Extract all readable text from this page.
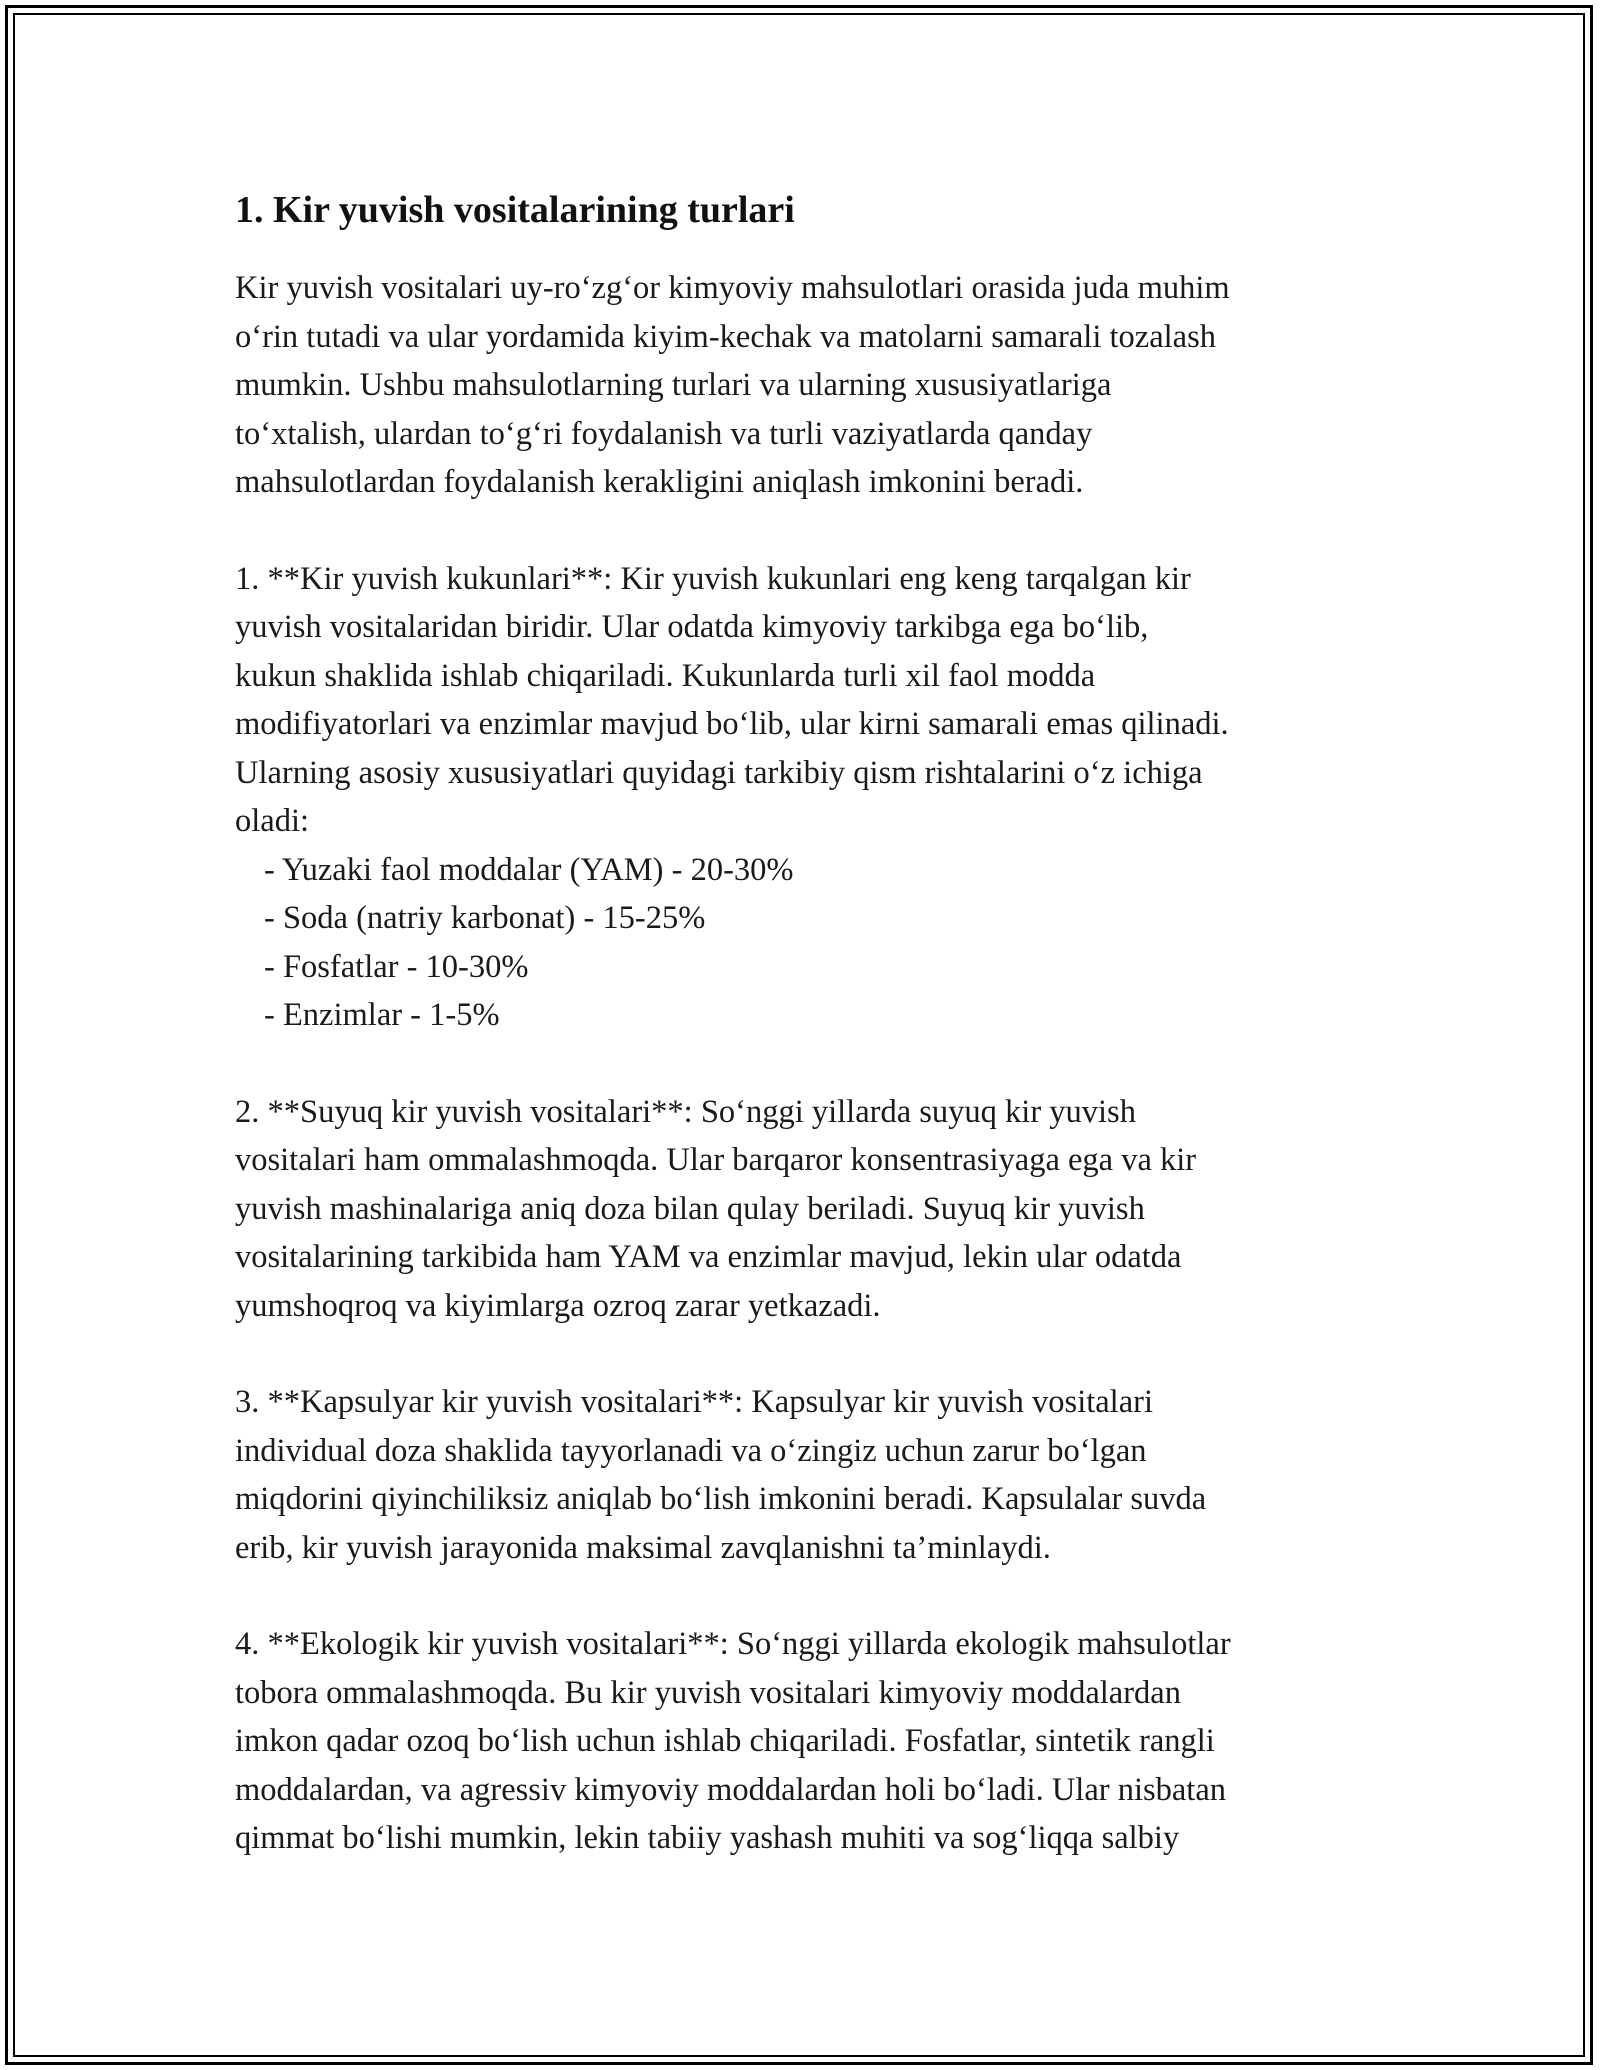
1. Kir yuvish vositalarining turlari

Kir yuvish vositalari uy-ro‘zg‘or kimyoviy mahsulotlari orasida juda muhim
o‘rin tutadi va ular yordamida kiyim-kechak va matolarni samarali tozalash
mumkin. Ushbu mahsulotlarning turlari va ularning xususiyatlariga
to‘xtalish, ulardan to‘g‘ri foydalanish va turli vaziyatlarda qanday
mahsulotlardan foydalanish kerakligini aniqlash imkonini beradi.

1. **Kir yuvish kukunlari**: Kir yuvish kukunlari eng keng tarqalgan kir
yuvish vositalaridan biridir. Ular odatda kimyoviy tarkibga ega bo‘lib,
kukun shaklida ishlab chiqariladi. Kukunlarda turli xil faol modda
modifiyatorlari va enzimlar mavjud bo‘lib, ular kirni samarali emas qilinadi.
Ularning asosiy xususiyatlari quyidagi tarkibiy qism rishtalarini o‘z ichiga
oladi:

- Yuzaki faol moddalar (YAM) - 20-30%

- Soda (natriy karbonat) - 15-25%

- Fosfatlar - 10-30%

- Enzimlar - 1-5%

2. **Suyuq kir yuvish vositalari**: So‘nggi yillarda suyuq kir yuvish
vositalari ham ommalashmoqda. Ular barqaror konsentrasiyaga ega va kir
yuvish mashinalariga aniq doza bilan qulay beriladi. Suyuq kir yuvish
vositalarining tarkibida ham YAM va enzimlar mavjud, lekin ular odatda
yumshoqroq va kiyimlarga ozroq zarar yetkazadi.

3. **Kapsulyar kir yuvish vositalari**: Kapsulyar kir yuvish vositalari
individual doza shaklida tayyorlanadi va o‘zingiz uchun zarur bo‘lgan
miqdorini qiyinchiliksiz aniqlab bo‘lish imkonini beradi. Kapsulalar suvda
erib, kir yuvish jarayonida maksimal zavqlanishni ta’minlaydi.

4. **Ekologik kir yuvish vositalari**: So‘nggi yillarda ekologik mahsulotlar
tobora ommalashmoqda. Bu kir yuvish vositalari kimyoviy moddalardan
imkon qadar ozoq bo‘lish uchun ishlab chiqariladi. Fosfatlar, sintetik rangli
moddalardan, va agressiv kimyoviy moddalardan holi bo‘ladi. Ular nisbatan
qimmat bo‘lishi mumkin, lekin tabiiy yashash muhiti va sog‘liqqa salbiy
